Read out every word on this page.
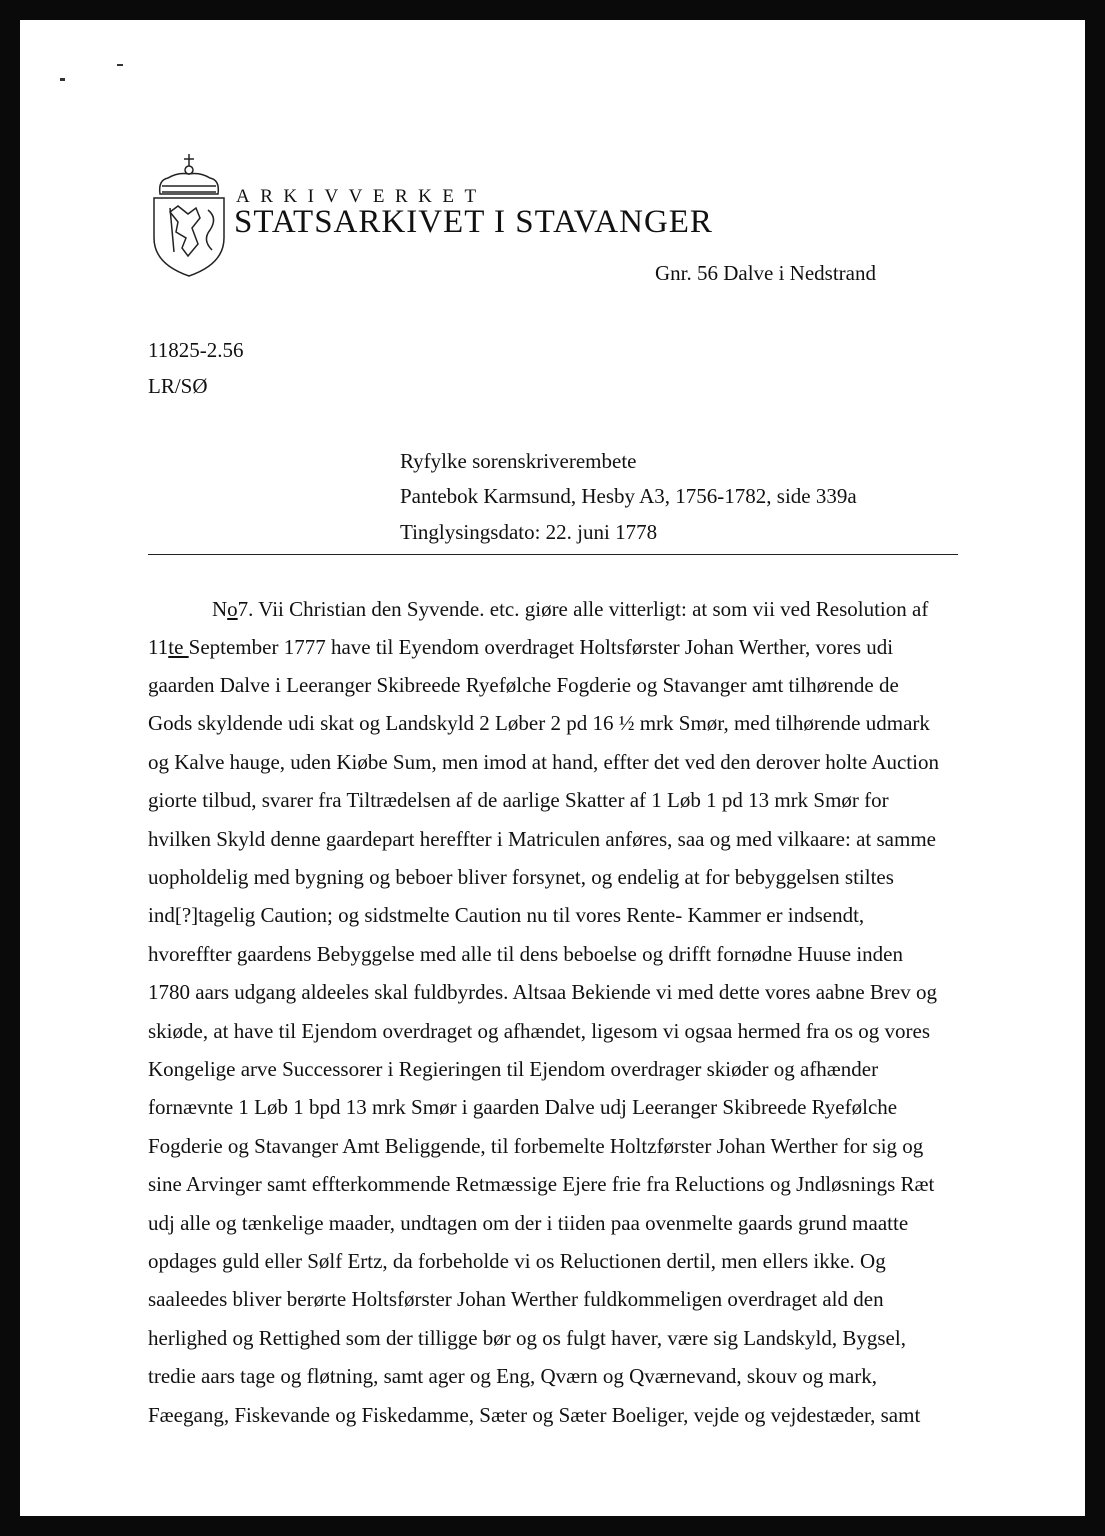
ARKIVVERKET
STATSARKIVET I STAVANGER
Gnr. 56 Dalve i Nedstrand
11825-2.56
LR/SØ
Ryfylke sorenskriverembete
Pantebok Karmsund, Hesby A3, 1756-1782, side 339a
Tinglysingsdato: 22. juni 1778
No7. Vii Christian den Syvende. etc. giøre alle vitterligt: at som vii ved Resolution af
11te September 1777 have til Eyendom overdraget Holtsførster Johan Werther, vores udi
gaarden Dalve i Leeranger Skibreede Ryefølche Fogderie og Stavanger amt tilhørende de
Gods skyldende udi skat og Landskyld 2 Løber 2 pd 16 ½ mrk Smør, med tilhørende udmark
og Kalve hauge, uden Kiøbe Sum, men imod at hand, effter det ved den derover holte Auction
giorte tilbud, svarer fra Tiltrædelsen af de aarlige Skatter af 1 Løb 1 pd 13 mrk Smør for
hvilken Skyld denne gaardepart hereffter i Matriculen anføres, saa og med vilkaare: at samme
uopholdelig med bygning og beboer bliver forsynet, og endelig at for bebyggelsen stiltes
ind[?]tagelig Caution; og sidstmelte Caution nu til vores Rente- Kammer er indsendt,
hvoreffter gaardens Bebyggelse med alle til dens beboelse og drifft fornødne Huuse inden
1780 aars udgang aldeeles skal fuldbyrdes. Altsaa Bekiende vi med dette vores aabne Brev og
skiøde, at have til Ejendom overdraget og afhændet, ligesom vi ogsaa hermed fra os og vores
Kongelige arve Successorer i Regieringen til Ejendom overdrager skiøder og afhænder
fornævnte 1 Løb 1 bpd 13 mrk Smør i gaarden Dalve udj Leeranger Skibreede Ryefølche
Fogderie og Stavanger Amt Beliggende, til forbemelte Holtzførster Johan Werther for sig og
sine Arvinger samt effterkommende Retmæssige Ejere frie fra Reluctions og Jndløsnings Ræt
udj alle og tænkelige maader, undtagen om der i tiiden paa ovenmelte gaards grund maatte
opdages guld eller Sølf Ertz, da forbeholde vi os Reluctionen dertil, men ellers ikke. Og
saaleedes bliver berørte Holtsførster Johan Werther fuldkommeligen overdraget ald den
herlighed og Rettighed som der tilligge bør og os fulgt haver, være sig Landskyld, Bygsel,
tredie aars tage og fløtning, samt ager og Eng, Qværn og Qværnevand, skouv og mark,
Fæegang, Fiskevande og Fiskedamme, Sæter og Sæter Boeliger, vejde og vejdestæder, samt
